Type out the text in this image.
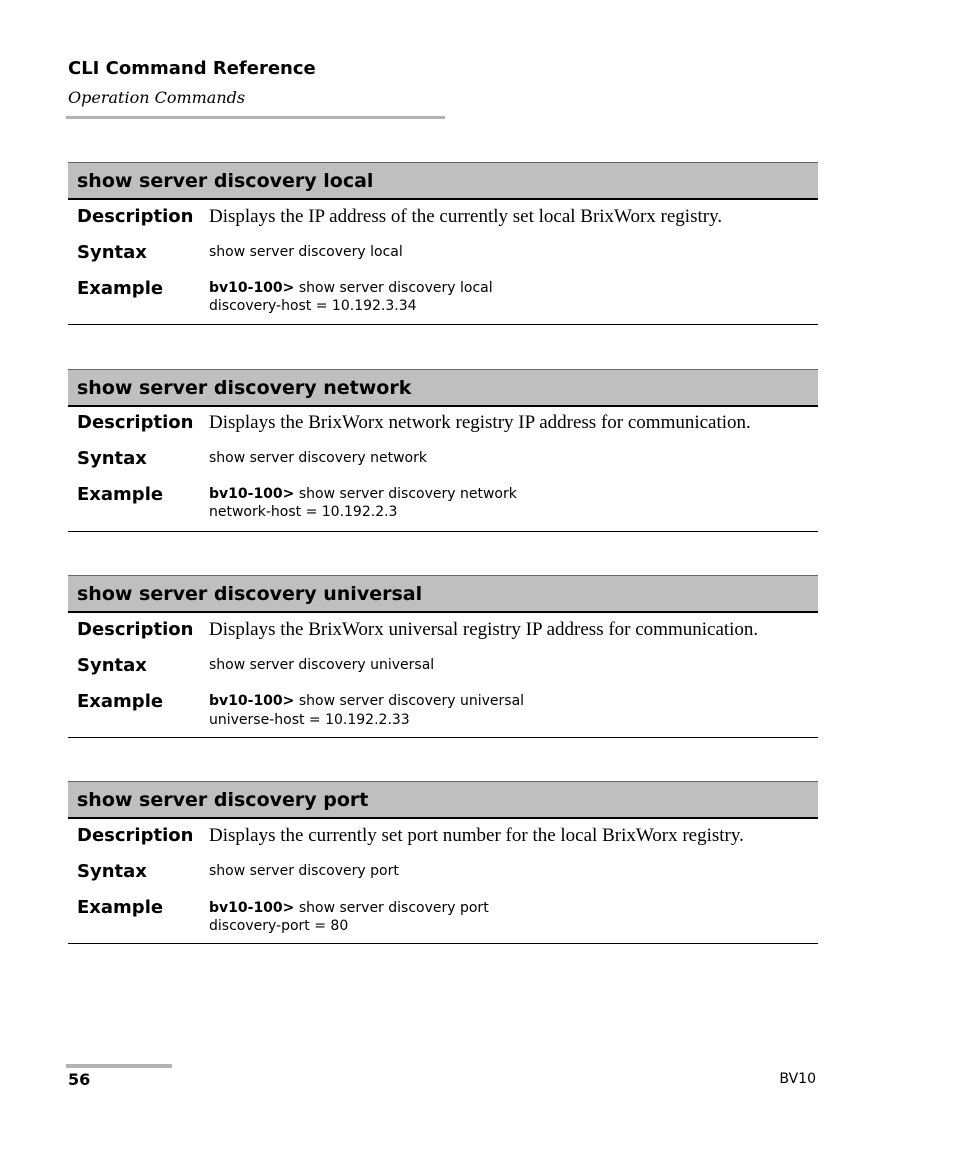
CLI Command Reference
Operation Commands
show server discovery local
Description Displays the IP address of the currently set local BrixWorx registry.
Syntax	show server discovery local
Example	bv10-100> show server discovery local
discovery-host = 10.192.3.34
show server discovery network
Description Displays the BrixWorx network registry IP address for communication.
Syntax	show server discovery network
Example	bv10-100> show server discovery network
network-host = 10.192.2.3
show server discovery universal
Description Displays the BrixWorx universal registry IP address for communication.
Syntax	show server discovery universal
Example	bv10-100> show server discovery universal
universe-host = 10.192.2.33
show server discovery port
Description Displays the currently set port number for the local BrixWorx registry.
Syntax	show server discovery port
Example	bv10-100> show server discovery port
discovery-port = 80
56	BV10
